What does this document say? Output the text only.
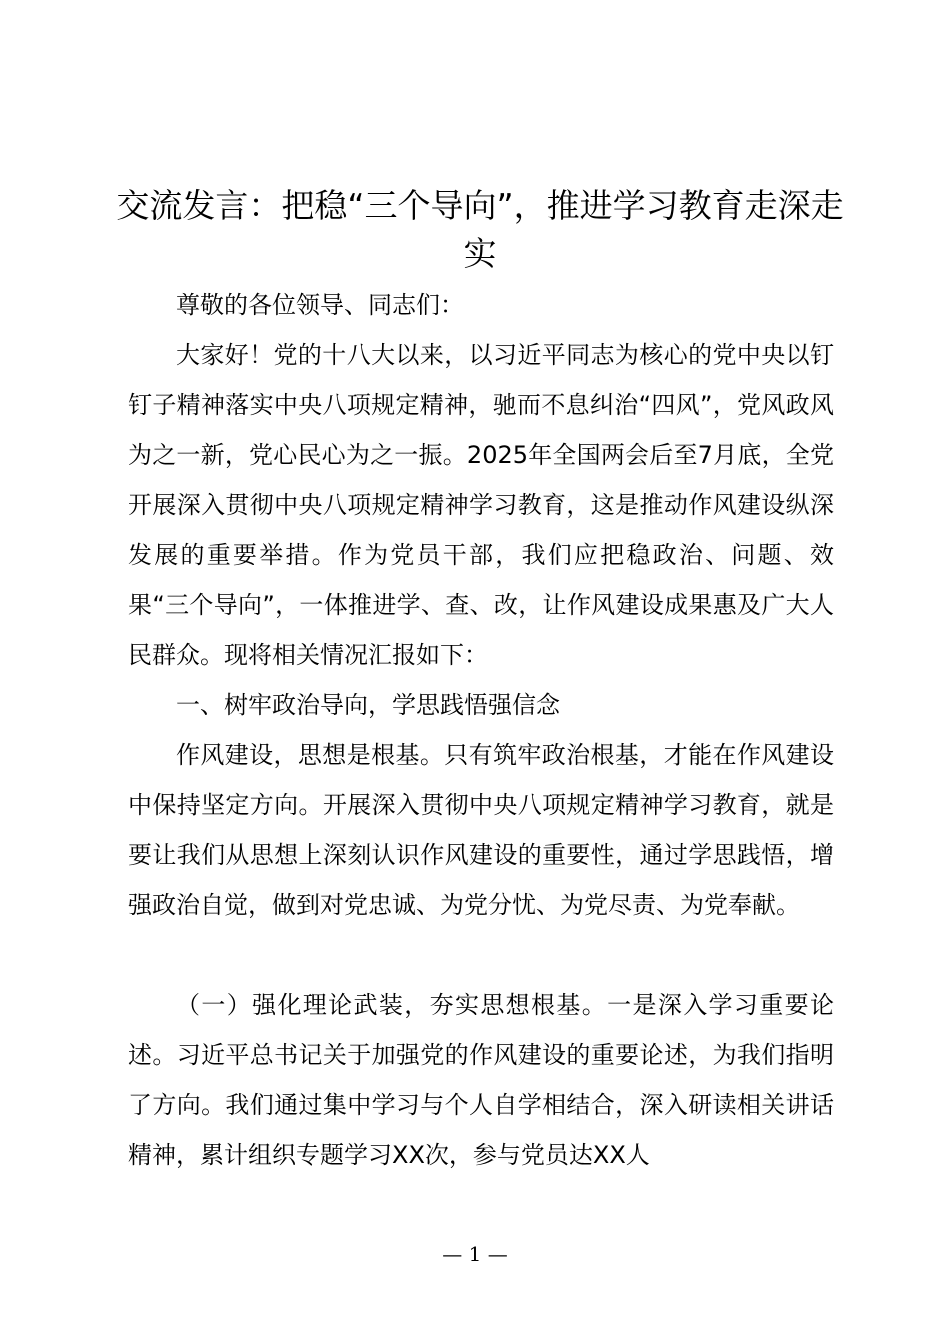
交流发言：把稳“三个导向”，推进学习教育走深走实

尊敬的各位领导、同志们：

大家好！党的十八大以来，以习近平同志为核心的党中央以钉钉子精神落实中央八项规定精神，驰而不息纠治“四风”，党风政风为之一新，党心民心为之一振。2025年全国两会后至7月底，全党开展深入贯彻中央八项规定精神学习教育，这是推动作风建设纵深发展的重要举措。作为党员干部，我们应把稳政治、问题、效果“三个导向”，一体推进学、查、改，让作风建设成果惠及广大人民群众。现将相关情况汇报如下：

一、树牢政治导向，学思践悟强信念

作风建设，思想是根基。只有筑牢政治根基，才能在作风建设中保持坚定方向。开展深入贯彻中央八项规定精神学习教育，就是要让我们从思想上深刻认识作风建设的重要性，通过学思践悟，增强政治自觉，做到对党忠诚、为党分忧、为党尽责、为党奉献。

（一）强化理论武装，夯实思想根基。一是深入学习重要论述。习近平总书记关于加强党的作风建设的重要论述，为我们指明了方向。我们通过集中学习与个人自学相结合，深入研读相关讲话精神，累计组织专题学习XX次，参与党员达XX人

— 1 —
